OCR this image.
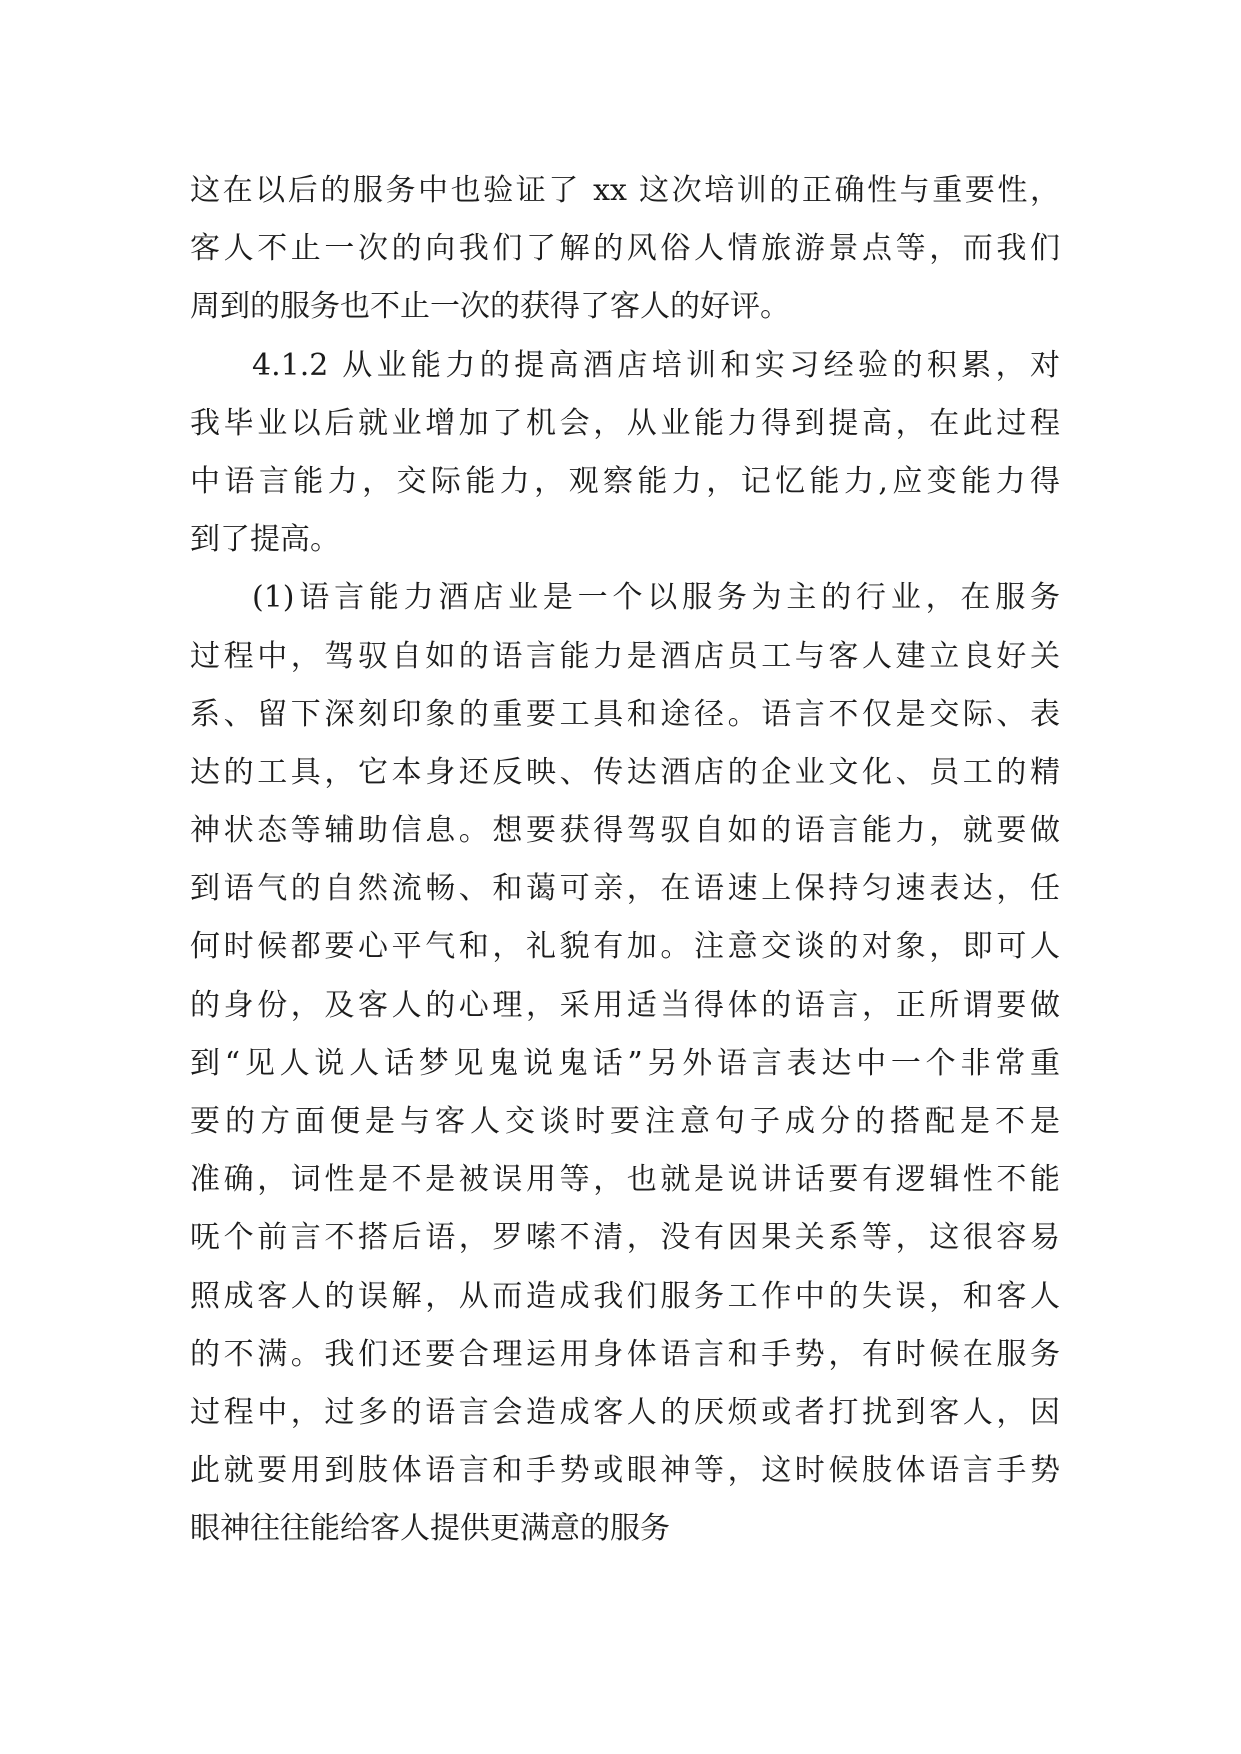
这在以后的服务中也验证了 xx 这次培训的正确性与重要性，
客人不止一次的向我们了解的风俗人情旅游景点等，而我们
周到的服务也不止一次的获得了客人的好评。
4.1.2 从业能力的提高酒店培训和实习经验的积累，对
我毕业以后就业增加了机会，从业能力得到提高，在此过程
中语言能力，交际能力，观察能力，记忆能力,应变能力得
到了提高。
(1)语言能力酒店业是一个以服务为主的行业，在服务
过程中，驾驭自如的语言能力是酒店员工与客人建立良好关
系、留下深刻印象的重要工具和途径。语言不仅是交际、表
达的工具，它本身还反映、传达酒店的企业文化、员工的精
神状态等辅助信息。想要获得驾驭自如的语言能力，就要做
到语气的自然流畅、和蔼可亲，在语速上保持匀速表达，任
何时候都要心平气和，礼貌有加。注意交谈的对象，即可人
的身份，及客人的心理，采用适当得体的语言，正所谓要做
到“见人说人话梦见鬼说鬼话”另外语言表达中一个非常重
要的方面便是与客人交谈时要注意句子成分的搭配是不是
准确，词性是不是被误用等，也就是说讲话要有逻辑性不能
呒个前言不搭后语，罗嗦不清，没有因果关系等，这很容易
照成客人的误解，从而造成我们服务工作中的失误，和客人
的不满。我们还要合理运用身体语言和手势，有时候在服务
过程中，过多的语言会造成客人的厌烦或者打扰到客人，因
此就要用到肢体语言和手势或眼神等，这时候肢体语言手势
眼神往往能给客人提供更满意的服务
